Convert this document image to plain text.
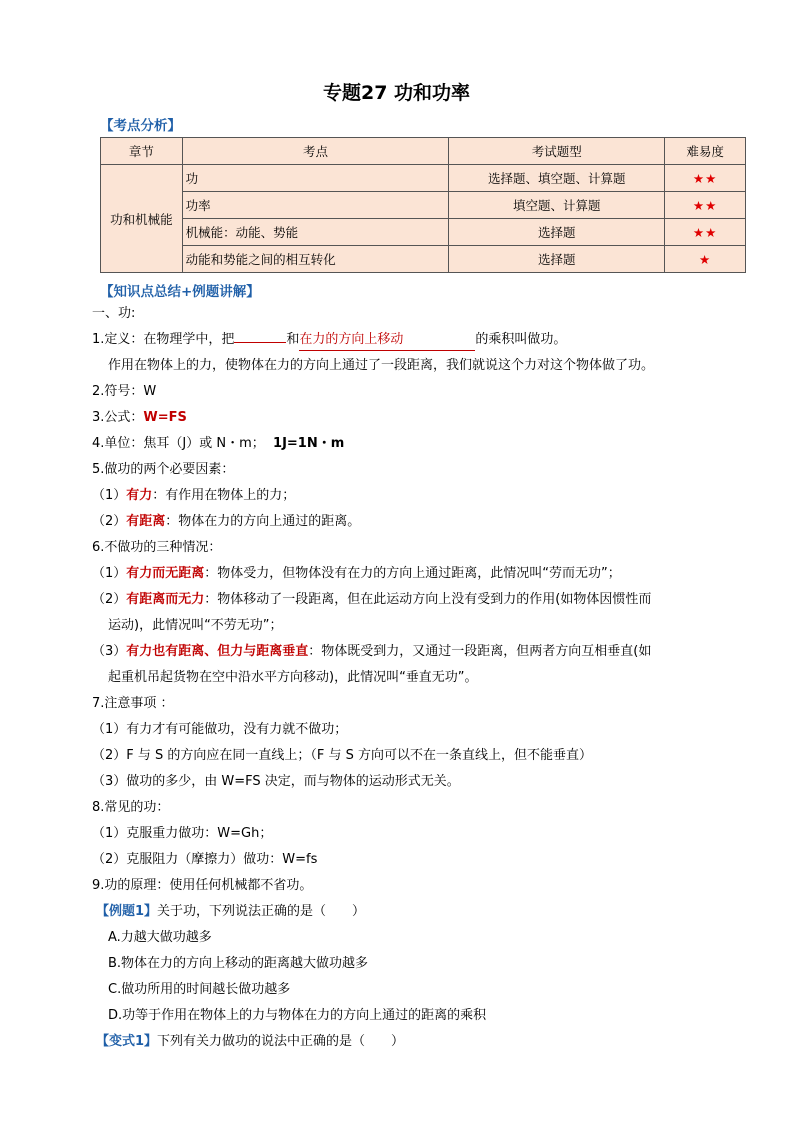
专题27 功和功率
【考点分析】
章节	考点	考试题型	难易度
功和机械能	功	选择题、填空题、计算题	★★
	功率	填空题、计算题	★★
	机械能：动能、势能	选择题	★★
	动能和势能之间的相互转化	选择题	★
【知识点总结+例题讲解】
一、功:
1.定义：在物理学中，把	和在力的方向上移动	的乘积叫做功。
作用在物体上的力，使物体在力的方向上通过了一段距离，我们就说这个力对这个物体做了功。
2.符号：W
3.公式：W=FS
4.单位：焦耳（J）或 N・m； 1J=1N・m
5.做功的两个必要因素：
（1）有力：有作用在物体上的力；
（2）有距离：物体在力的方向上通过的距离。
6.不做功的三种情况：
（1）有力而无距离：物体受力，但物体没有在力的方向上通过距离，此情况叫“劳而无功”；
（2）有距离而无力：物体移动了一段距离，但在此运动方向上没有受到力的作用(如物体因惯性而
运动)，此情况叫“不劳无功”；
（3）有力也有距离、但力与距离垂直：物体既受到力，又通过一段距离，但两者方向互相垂直(如
起重机吊起货物在空中沿水平方向移动)，此情况叫“垂直无功”。
7.注意事项 ：
（1）有力才有可能做功，没有力就不做功；
（2）F 与 S 的方向应在同一直线上；（F 与 S 方向可以不在一条直线上，但不能垂直）
（3）做功的多少，由 W=FS 决定，而与物体的运动形式无关。
8.常见的功：
（1）克服重力做功：W=Gh；
（2）克服阻力（摩擦力）做功：W=fs
9.功的原理：使用任何机械都不省功。
【例题1】关于功，下列说法正确的是（　　）
A.力越大做功越多
B.物体在力的方向上移动的距离越大做功越多
C.做功所用的时间越长做功越多
D.功等于作用在物体上的力与物体在力的方向上通过的距离的乘积
【变式1】下列有关力做功的说法中正确的是（　　）
